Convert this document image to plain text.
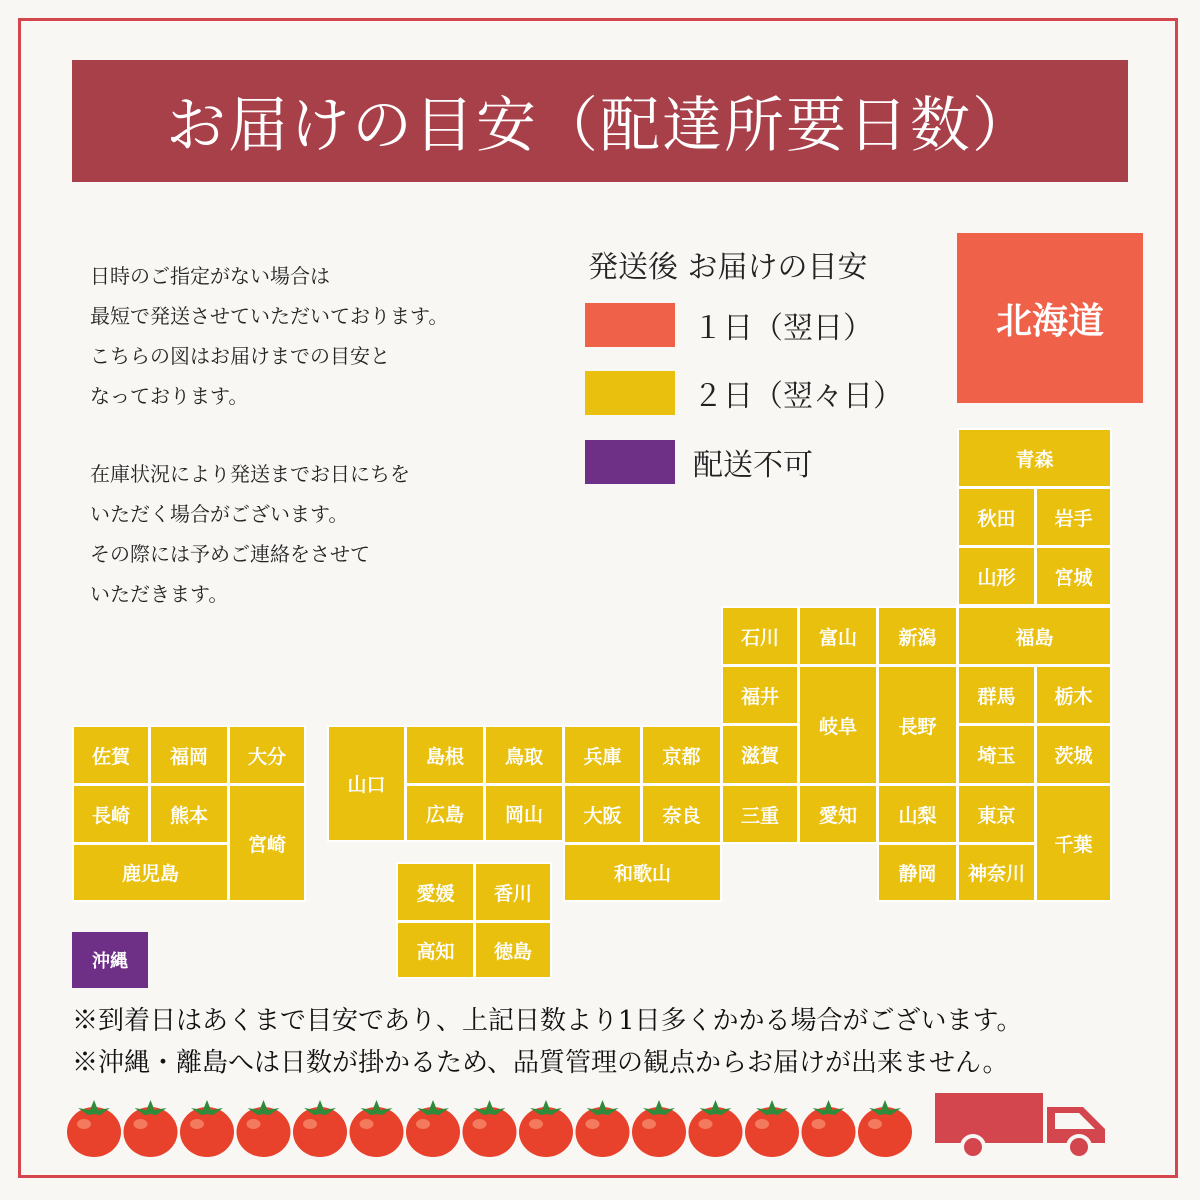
お届けの目安（配達所要日数）

日時のご指定がない場合は
最短で発送させていただいております。
こちらの図はお届けまでの目安と
なっております。

在庫状況により発送までお日にちを
いただく場合がございます。
その際には予めご連絡をさせて
いただきます。

発送後 お届けの目安
１日（翌日）
２日（翌々日）
配送不可
北海道
青森
秋田	岩手
山形	宮城
石川	富山	新潟	福島
福井
岐阜	長野
群馬	栃木
滋賀	埼玉	茨城
三重	愛知	山梨	東京
千葉
静岡	神奈川
山口
島根	鳥取	兵庫	京都
広島	岡山	大阪	奈良
和歌山
愛媛	香川
高知	徳島
佐賀	福岡	大分
長崎	熊本
宮崎
鹿児島
沖縄
※到着日はあくまで目安であり、上記日数より1日多くかかる場合がございます。
※沖縄・離島へは日数が掛かるため、品質管理の観点からお届けが出来ません。
